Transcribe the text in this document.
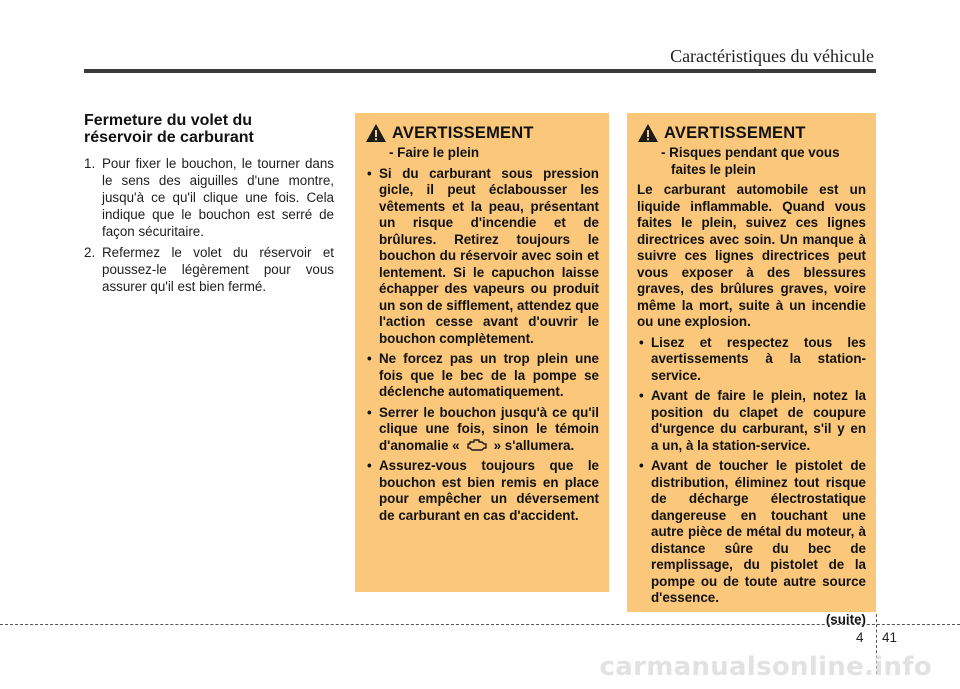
Caractéristiques du véhicule
Fermeture du volet du
réservoir de carburant
1. Pour fixer le bouchon, le tourner dans le sens des aiguilles d'une montre, jusqu'à ce qu'il clique une fois. Cela indique que le bouchon est serré de façon sécuritaire.
2. Refermez le volet du réservoir et poussez-le légèrement pour vous assurer qu'il est bien fermé.
AVERTISSEMENT
- Faire le plein
• Si du carburant sous pression gicle, il peut éclabousser les vêtements et la peau, présentant un risque d'incendie et de brûlures. Retirez toujours le bouchon du réservoir avec soin et lentement. Si le capuchon laisse échapper des vapeurs ou produit un son de sifflement, attendez que l'action cesse avant d'ouvrir le bouchon complètement.
• Ne forcez pas un trop plein une fois que le bec de la pompe se déclenche automatiquement.
• Serrer le bouchon jusqu'à ce qu'il clique une fois, sinon le témoin d'anomalie «	» s'allumera.
• Assurez-vous toujours que le bouchon est bien remis en place pour empêcher un déversement de carburant en cas d'accident.
AVERTISSEMENT
- Risques pendant que vous faites le plein

Le carburant automobile est un liquide inflammable. Quand vous faites le plein, suivez ces lignes directrices avec soin. Un manque à suivre ces lignes directrices peut vous exposer à des blessures graves, des brûlures graves, voire même la mort, suite à un incendie ou une explosion.

• Lisez et respectez tous les avertissements à la station-service.
• Avant de faire le plein, notez la position du clapet de coupure d'urgence du carburant, s'il y en a un, à la station-service.
• Avant de toucher le pistolet de distribution, éliminez tout risque de décharge électrostatique dangereuse en touchant une autre pièce de métal du moteur, à distance sûre du bec de remplissage, du pistolet de la pompe ou de toute autre source d'essence.
(suite)
4 41
carmanualsonline.info
